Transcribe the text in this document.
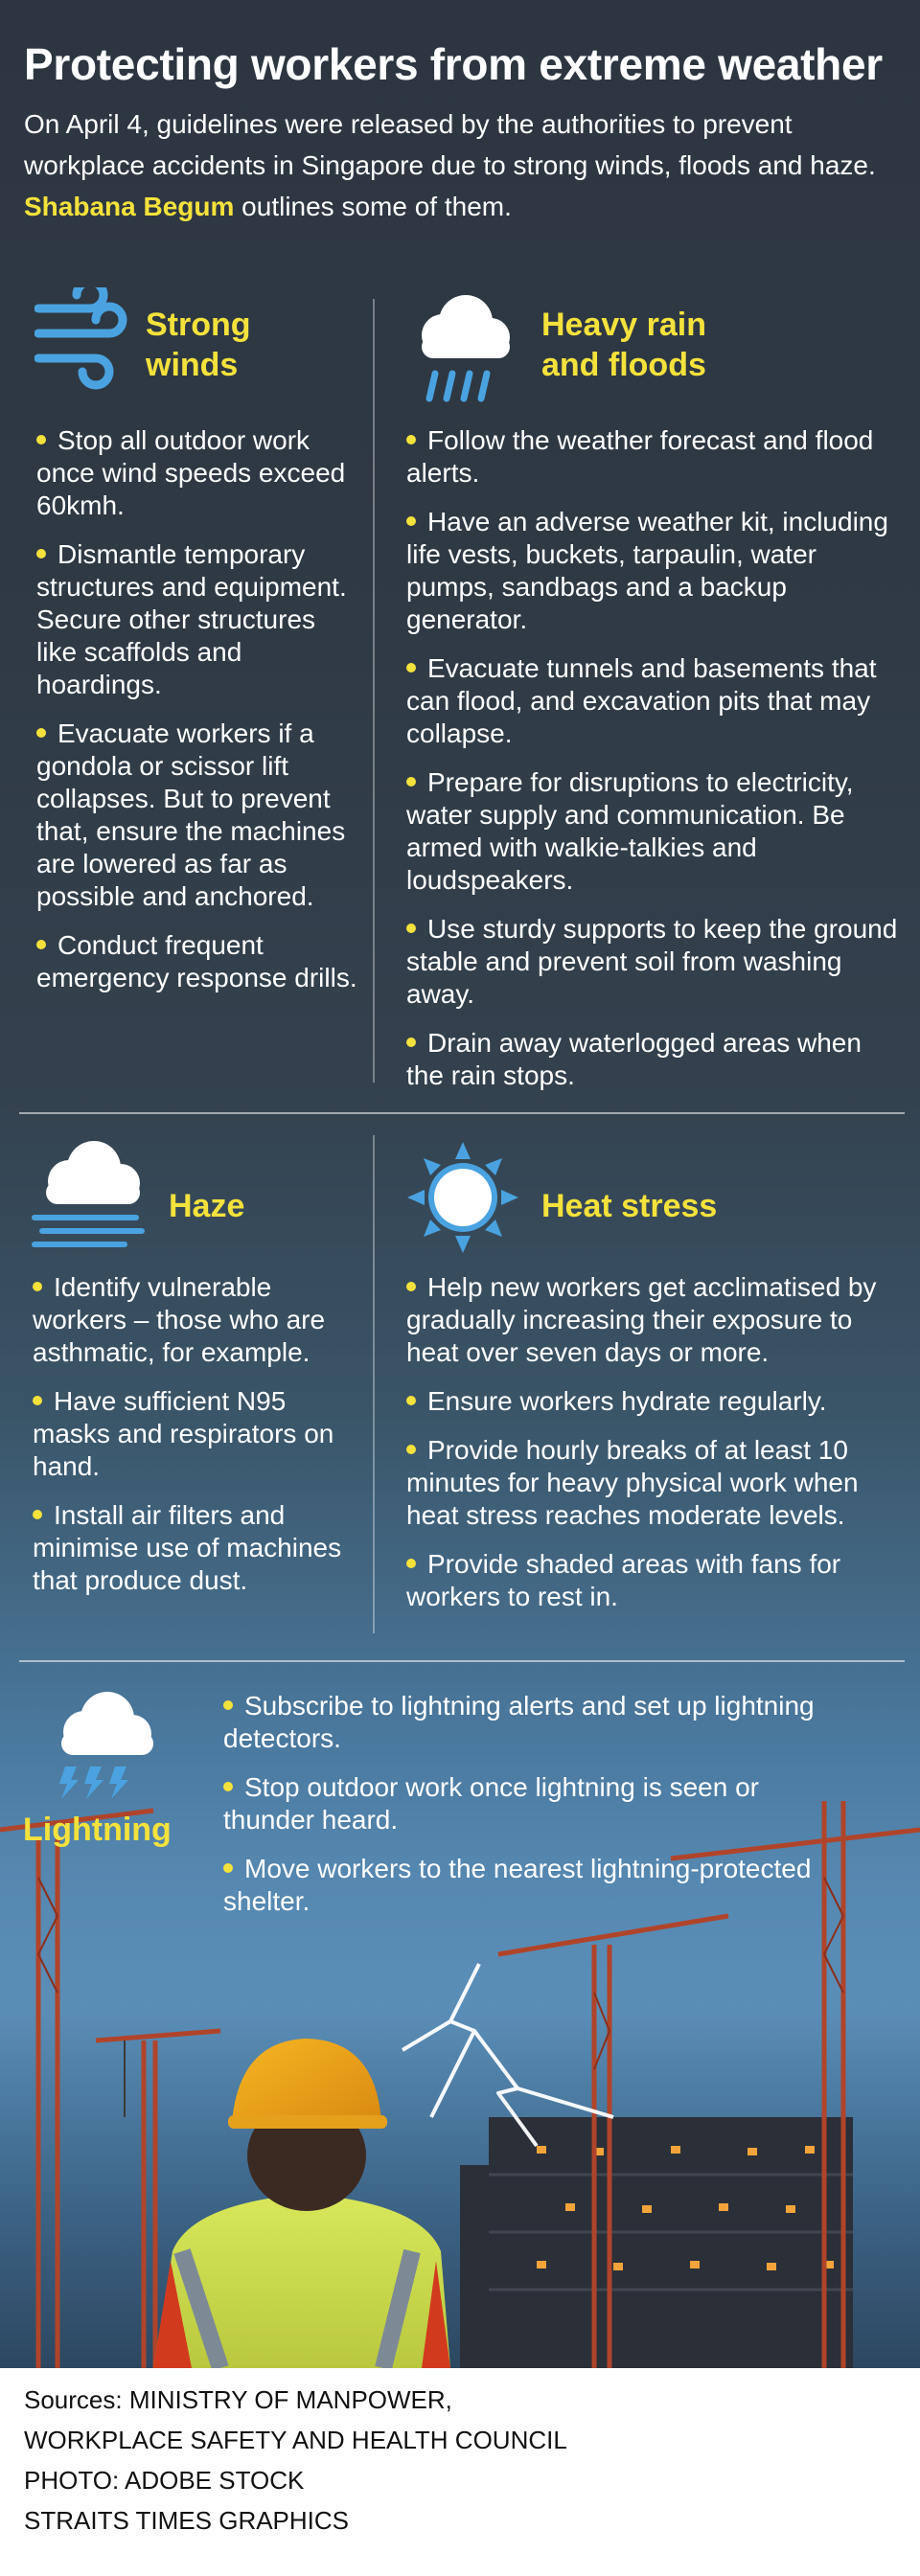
Protecting workers from extreme weather
On April 4, guidelines were released by the authorities to prevent workplace accidents in Singapore due to strong winds, floods and haze. Shabana Begum outlines some of them.
Strong
winds
Stop all outdoor work once wind speeds exceed 60kmh.
Dismantle temporary structures and equipment. Secure other structures like scaffolds and hoardings.
Evacuate workers if a gondola or scissor lift collapses. But to prevent that, ensure the machines are lowered as far as possible and anchored.
Conduct frequent emergency response drills.
Heavy rain
and floods
Follow the weather forecast and flood alerts.
Have an adverse weather kit, including life vests, buckets, tarpaulin, water pumps, sandbags and a backup generator.
Evacuate tunnels and basements that can flood, and excavation pits that may collapse.
Prepare for disruptions to electricity, water supply and communication. Be armed with walkie-talkies and loudspeakers.
Use sturdy supports to keep the ground stable and prevent soil from washing away.
Drain away waterlogged areas when the rain stops.
Haze
Identify vulnerable workers – those who are asthmatic, for example.
Have sufficient N95 masks and respirators on hand.
Install air filters and minimise use of machines that produce dust.
Heat stress
Help new workers get acclimatised by gradually increasing their exposure to heat over seven days or more.
Ensure workers hydrate regularly.
Provide hourly breaks of at least 10 minutes for heavy physical work when heat stress reaches moderate levels.
Provide shaded areas with fans for workers to rest in.
Lightning
Subscribe to lightning alerts and set up lightning detectors.
Stop outdoor work once lightning is seen or thunder heard.
Move workers to the nearest lightning-protected shelter.
Sources: MINISTRY OF MANPOWER,
WORKPLACE SAFETY AND HEALTH COUNCIL
PHOTO: ADOBE STOCK
STRAITS TIMES GRAPHICS
